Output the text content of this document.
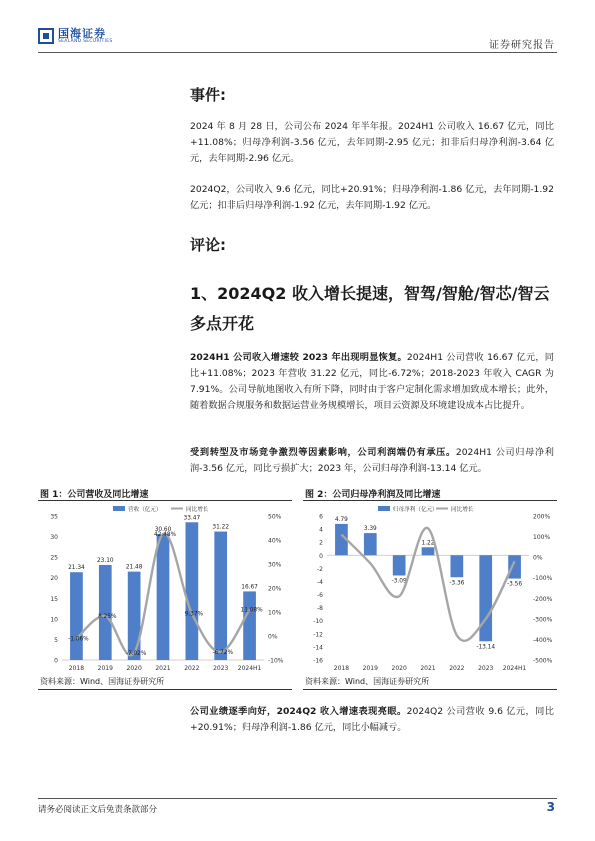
国海证券
SEALAND SECURITIES	证券研究报告
事件:
2024 年 8 月 28 日，公司公布 2024 年半年报。2024H1 公司收入 16.67 亿元，同比+11.08%；归母净利润-3.56 亿元，去年同期-2.95 亿元；扣非后归母净利润-3.64 亿元，去年同期-2.96 亿元。
2024Q2，公司收入 9.6 亿元，同比+20.91%；归母净利润-1.86 亿元，去年同期-1.92 亿元；扣非后归母净利润-1.92 亿元，去年同期-1.92 亿元。
评论:
1、2024Q2 收入增长提速，智驾/智舱/智芯/智云多点开花
2024H1 公司收入增速较 2023 年出现明显恢复。2024H1 公司营收 16.67 亿元，同比+11.08%；2023 年营收 31.22 亿元，同比-6.72%；2018-2023 年收入 CAGR 为 7.91%。公司导航地图收入有所下降，同时由于客户定制化需求增加致成本增长；此外，随着数据合规服务和数据运营业务规模增长，项目云资源及环境建设成本占比提升。
受到转型及市场竞争激烈等因素影响，公司利润端仍有承压。2024H1 公司归母净利润-3.56 亿元，同比亏损扩大；2023 年，公司归母净利润-13.14 亿元。
图 1：公司营收及同比增速	图 2：公司归母净利润及同比增速
0
5
10
15
20
25
30
35
-10%
0%
10%
20%
30%
40%
50%
21.34
23.10
21.48
30.60
33.47
31.22
16.67
-1.06%
8.25%
-7.02%
42.48%
9.37%
-6.72%
11.08%
2018 2019 2020 2021 2022 2023 2024H1
营收（亿元）	同比增长
-16
-14
-12
-10
-8
-6
-4
-2
0
2
4
6
-500%
-400%
-300%
-200%
-100%
0%
100%
200%
4.79
3.39
-3.09
1.22
-3.36
-13.14
-3.56
2018 2019 2020 2021 2022 2023 2024H1
归母净利（亿元） 同比增长
资料来源：Wind、国海证券研究所	资料来源：Wind、国海证券研究所
公司业绩逐季向好，2024Q2 收入增速表现亮眼。2024Q2 公司营收 9.6 亿元，同比+20.91%；归母净利润-1.86 亿元，同比小幅减亏。
请务必阅读正文后免责条款部分	3
